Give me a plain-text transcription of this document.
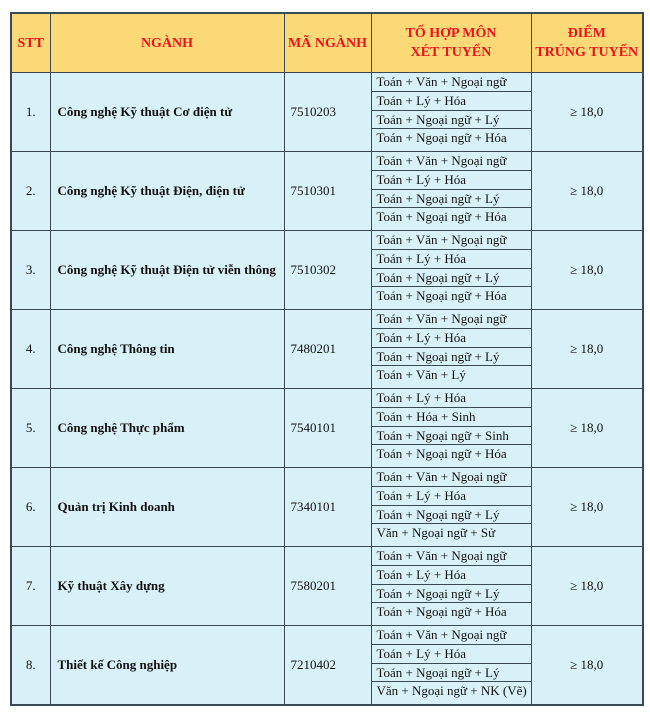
STT	NGÀNH	MÃ NGÀNH	TỔ HỢP MÔN
XÉT TUYỂN	ĐIỂM
TRÚNG TUYỂN
1.	Công nghệ Kỹ thuật Cơ điện tử	7510203	Toán + Văn + Ngoại ngữ
Toán + Lý + Hóa
Toán + Ngoại ngữ + Lý
Toán + Ngoại ngữ + Hóa	≥ 18,0
2.	Công nghệ Kỹ thuật Điện, điện tử	7510301	Toán + Văn + Ngoại ngữ
Toán + Lý + Hóa
Toán + Ngoại ngữ + Lý
Toán + Ngoại ngữ + Hóa	≥ 18,0
3.	Công nghệ Kỹ thuật Điện tử viễn thông	7510302	Toán + Văn + Ngoại ngữ
Toán + Lý + Hóa
Toán + Ngoại ngữ + Lý
Toán + Ngoại ngữ + Hóa	≥ 18,0
4.	Công nghệ Thông tin	7480201	Toán + Văn + Ngoại ngữ
Toán + Lý + Hóa
Toán + Ngoại ngữ + Lý
Toán + Văn + Lý	≥ 18,0
5.	Công nghệ Thực phẩm	7540101	Toán + Lý + Hóa
Toán + Hóa + Sinh
Toán + Ngoại ngữ + Sinh
Toán + Ngoại ngữ + Hóa	≥ 18,0
6.	Quản trị Kinh doanh	7340101	Toán + Văn + Ngoại ngữ
Toán + Lý + Hóa
Toán + Ngoại ngữ + Lý
Văn + Ngoại ngữ + Sử	≥ 18,0
7.	Kỹ thuật Xây dựng	7580201	Toán + Văn + Ngoại ngữ
Toán + Lý + Hóa
Toán + Ngoại ngữ + Lý
Toán + Ngoại ngữ + Hóa	≥ 18,0
8.	Thiết kế Công nghiệp	7210402	Toán + Văn + Ngoại ngữ
Toán + Lý + Hóa
Toán + Ngoại ngữ + Lý
Văn + Ngoại ngữ + NK (Vẽ)	≥ 18,0
